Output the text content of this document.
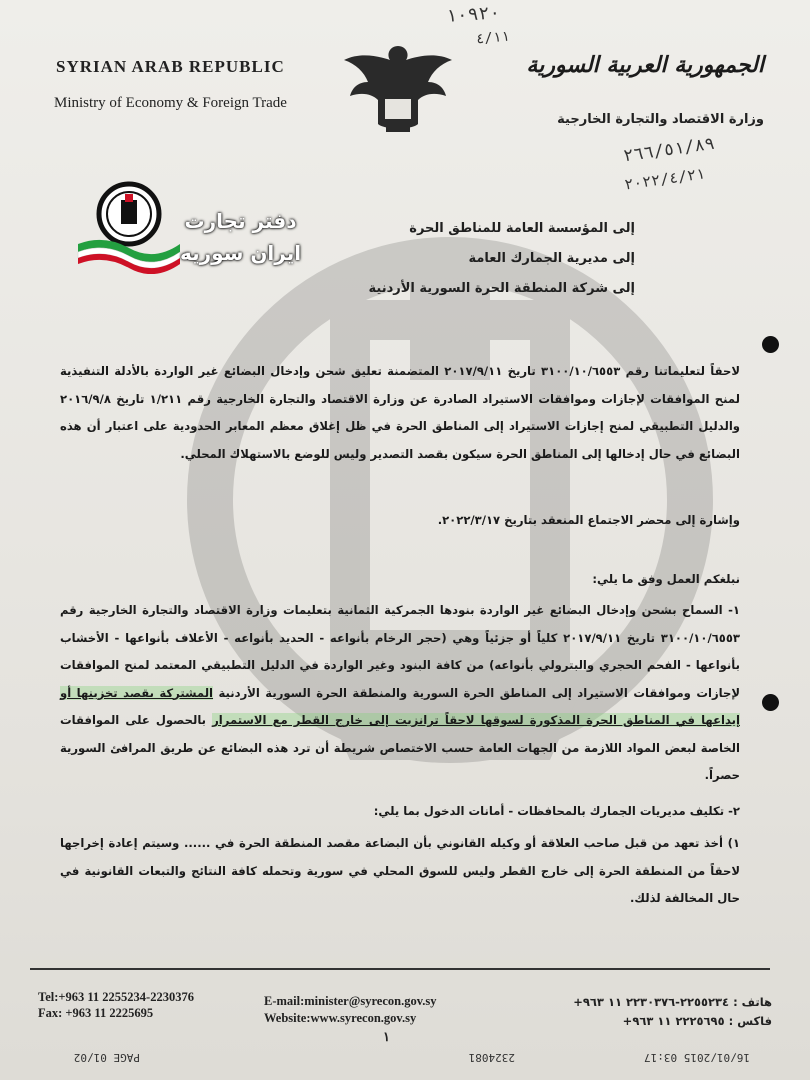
١٠٩٢٠
٤/١١
SYRIAN ARAB REPUBLIC
Ministry of Economy & Foreign Trade
الجمهورية العربية السورية
وزارة الاقتصاد والتجارة الخارجية
٢٦٦/٥١/٨٩
٢٠٢٢/٤/٢١
دفتر تجارت
ایران سوریه
إلى المؤسسة العامة للمناطق الحرة
إلى مديرية الجمارك العامة
إلى شركة المنطقة الحرة السورية الأردنية
لاحقاً لتعليماتنا رقم ٣١٠٠/١٠/٦٥٥٣ تاريخ ٢٠١٧/٩/١١ المتضمنة تعليق شحن وإدخال البضائع غير الواردة بالأدلة التنفيذية لمنح الموافقات لإجازات وموافقات الاستيراد الصادرة عن وزارة الاقتصاد والتجارة الخارجية رقم ١/٢١١ تاريخ ٢٠١٦/٩/٨ والدليل التطبيقي لمنح إجازات الاستيراد إلى المناطق الحرة في ظل إغلاق معظم المعابر الحدودية على اعتبار أن هذه البضائع في حال إدخالها إلى المناطق الحرة سيكون بقصد التصدير وليس للوضع بالاستهلاك المحلي.
وإشارة إلى محضر الاجتماع المنعقد بتاريخ ٢٠٢٢/٣/١٧.
نبلغكم العمل وفق ما يلي:
١- السماح بشحن وإدخال البضائع غير الواردة بنودها الجمركية الثمانية بتعليمات وزارة الاقتصاد والتجارة الخارجية رقم ٣١٠٠/١٠/٦٥٥٣ تاريخ ٢٠١٧/٩/١١ كلياً أو جزئياً وهي (حجر الرخام بأنواعه - الحديد بأنواعه - الأعلاف بأنواعها - الأخشاب بأنواعها - الفحم الحجري والبترولي بأنواعه) من كافة البنود وغير الواردة في الدليل التطبيقي المعتمد لمنح الموافقات لإجازات وموافقات الاستيراد إلى المناطق الحرة السورية والمنطقة الحرة السورية الأردنية المشتركة بقصد تخزينها أو إيداعها في المناطق الحرة المذكورة لسوقها لاحقاً ترانزيت إلى خارج القطر مع الاستمرار بالحصول على الموافقات الخاصة لبعض المواد اللازمة من الجهات العامة حسب الاختصاص شريطة أن ترد هذه البضائع عن طريق المرافئ السورية حصراً.
٢- تكليف مديريات الجمارك بالمحافظات - أمانات الدخول بما يلي:
١) أخذ تعهد من قبل صاحب العلاقة أو وكيله القانوني بأن البضاعة مقصد المنطقة الحرة في ...... وسيتم إعادة إخراجها لاحقاً من المنطقة الحرة إلى خارج القطر وليس للسوق المحلي في سورية وتحمله كافة النتائج والتبعات القانونية في حال المخالفة لذلك.
Tel:+963 11 2255234-2230376
Fax: +963 11 2225695
E-mail:minister@syrecon.gov.sy
Website:www.syrecon.gov.sy
هاتف : ٢٢٥٥٢٣٤-٢٢٣٠٣٧٦ ١١ ٩٦٣+
فاكس : ٢٢٢٥٦٩٥ ١١ ٩٦٣+
١
16/01/2015 03:17
2324081
PAGE 01/02
